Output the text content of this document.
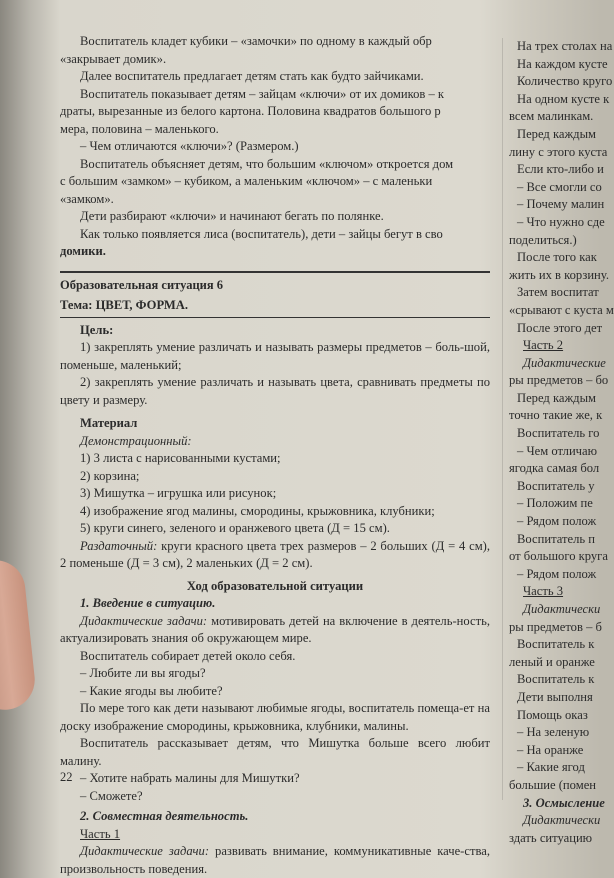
Воспитатель кладет кубики – «замочки» по одному в каждый обр

«закрывает домик».

Далее воспитатель предлагает детям стать как будто зайчиками.

Воспитатель показывает детям – зайцам «ключи» от их домиков – к

драты, вырезанные из белого картона. Половина квадратов большого р

мера, половина – маленького.

– Чем отличаются «ключи»? (Размером.)

Воспитатель объясняет детям, что большим «ключом» откроется дом

с большим «замком» – кубиком, а маленьким «ключом» – с маленьки

«замком».

Дети разбирают «ключи» и начинают бегать по полянке.

Как только появляется лиса (воспитатель), дети – зайцы бегут в сво

домики.

Образовательная ситуация 6

Тема: ЦВЕТ, ФОРМА.

Цель:

1) закреплять умение различать и называть размеры предметов – боль-шой, поменьше, маленький;

2) закреплять умение различать и называть цвета, сравнивать предметы по цвету и размеру.

Материал

Демонстрационный:

1) 3 листа с нарисованными кустами;

2) корзина;

3) Мишутка – игрушка или рисунок;

4) изображение ягод малины, смородины, крыжовника, клубники;

5) круги синего, зеленого и оранжевого цвета (Д = 15 см).

Раздаточный: круги красного цвета трех размеров – 2 больших (Д = 4 см), 2 поменьше (Д = 3 см), 2 маленьких (Д = 2 см).

Ход образовательной ситуации

1. Введение в ситуацию.

Дидактические задачи: мотивировать детей на включение в деятель-ность, актуализировать знания об окружающем мире.

Воспитатель собирает детей около себя.

– Любите ли вы ягоды?

– Какие ягоды вы любите?

По мере того как дети называют любимые ягоды, воспитатель помеща-ет на доску изображение смородины, крыжовника, клубники, малины.

Воспитатель рассказывает детям, что Мишутка больше всего любит малину.

– Хотите набрать малины для Мишутки?

– Сможете?

2. Совместная деятельность.

Часть 1

Дидактические задачи: развивать внимание, коммуникативные каче-ства, произвольность поведения.

22

На трех столах на

На каждом кусте

Количество круго

На одном кусте к

всем малинкам.

Перед каждым

лину с этого куста

Если кто-либо и

– Все смогли со

– Почему малин

– Что нужно сде

поделиться.)

После того как

жить их в корзину.

Затем воспитат

«срывают с куста м

После этого дет

Часть 2

Дидактические

ры предметов – бо

Перед каждым

точно такие же, к

Воспитатель го

– Чем отличаю

ягодка самая бол

Воспитатель у

– Положим пе

– Рядом полож

Воспитатель п

от большого круга

– Рядом полож

Часть 3

Дидактически

ры предметов – б

Воспитатель к

леный и оранже

Воспитатель к

Дети выполня

Помощь оказ

– На зеленую

– На оранже

– Какие ягод

большие (помен

3. Осмысление

Дидактически

здать ситуацию
